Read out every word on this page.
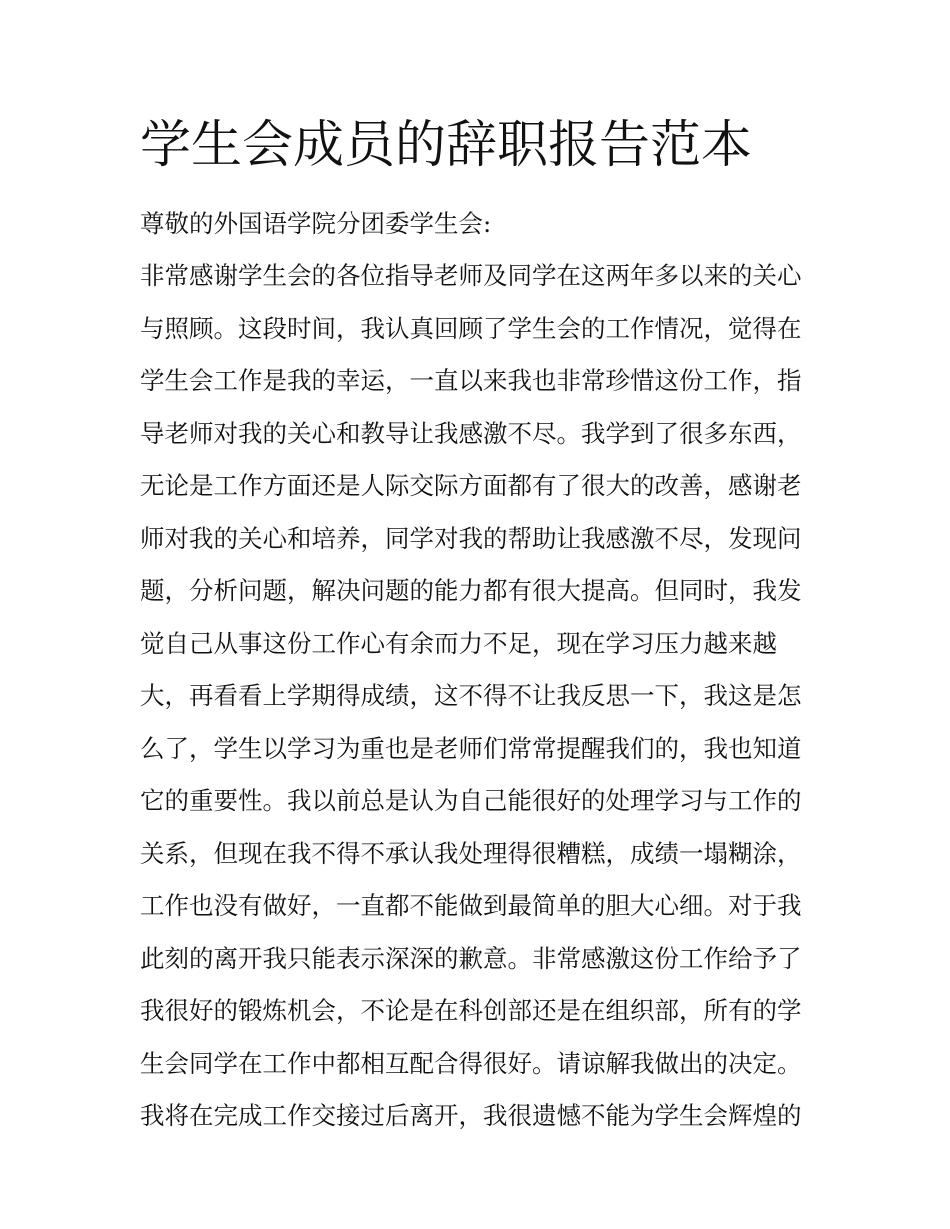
学生会成员的辞职报告范本

尊敬的外国语学院分团委学生会:

非常感谢学生会的各位指导老师及同学在这两年多以来的关心
与照顾。这段时间，我认真回顾了学生会的工作情况，觉得在
学生会工作是我的幸运，一直以来我也非常珍惜这份工作，指
导老师对我的关心和教导让我感激不尽。我学到了很多东西，
无论是工作方面还是人际交际方面都有了很大的改善，感谢老
师对我的关心和培养，同学对我的帮助让我感激不尽，发现问
题，分析问题，解决问题的能力都有很大提高。但同时，我发
觉自己从事这份工作心有余而力不足，现在学习压力越来越
大，再看看上学期得成绩，这不得不让我反思一下，我这是怎
么了，学生以学习为重也是老师们常常提醒我们的，我也知道
它的重要性。我以前总是认为自己能很好的处理学习与工作的
关系，但现在我不得不承认我处理得很糟糕，成绩一塌糊涂，
工作也没有做好，一直都不能做到最简单的胆大心细。对于我
此刻的离开我只能表示深深的歉意。非常感激这份工作给予了
我很好的锻炼机会，不论是在科创部还是在组织部，所有的学
生会同学在工作中都相互配合得很好。请谅解我做出的决定。
我将在完成工作交接过后离开，我很遗憾不能为学生会辉煌的
